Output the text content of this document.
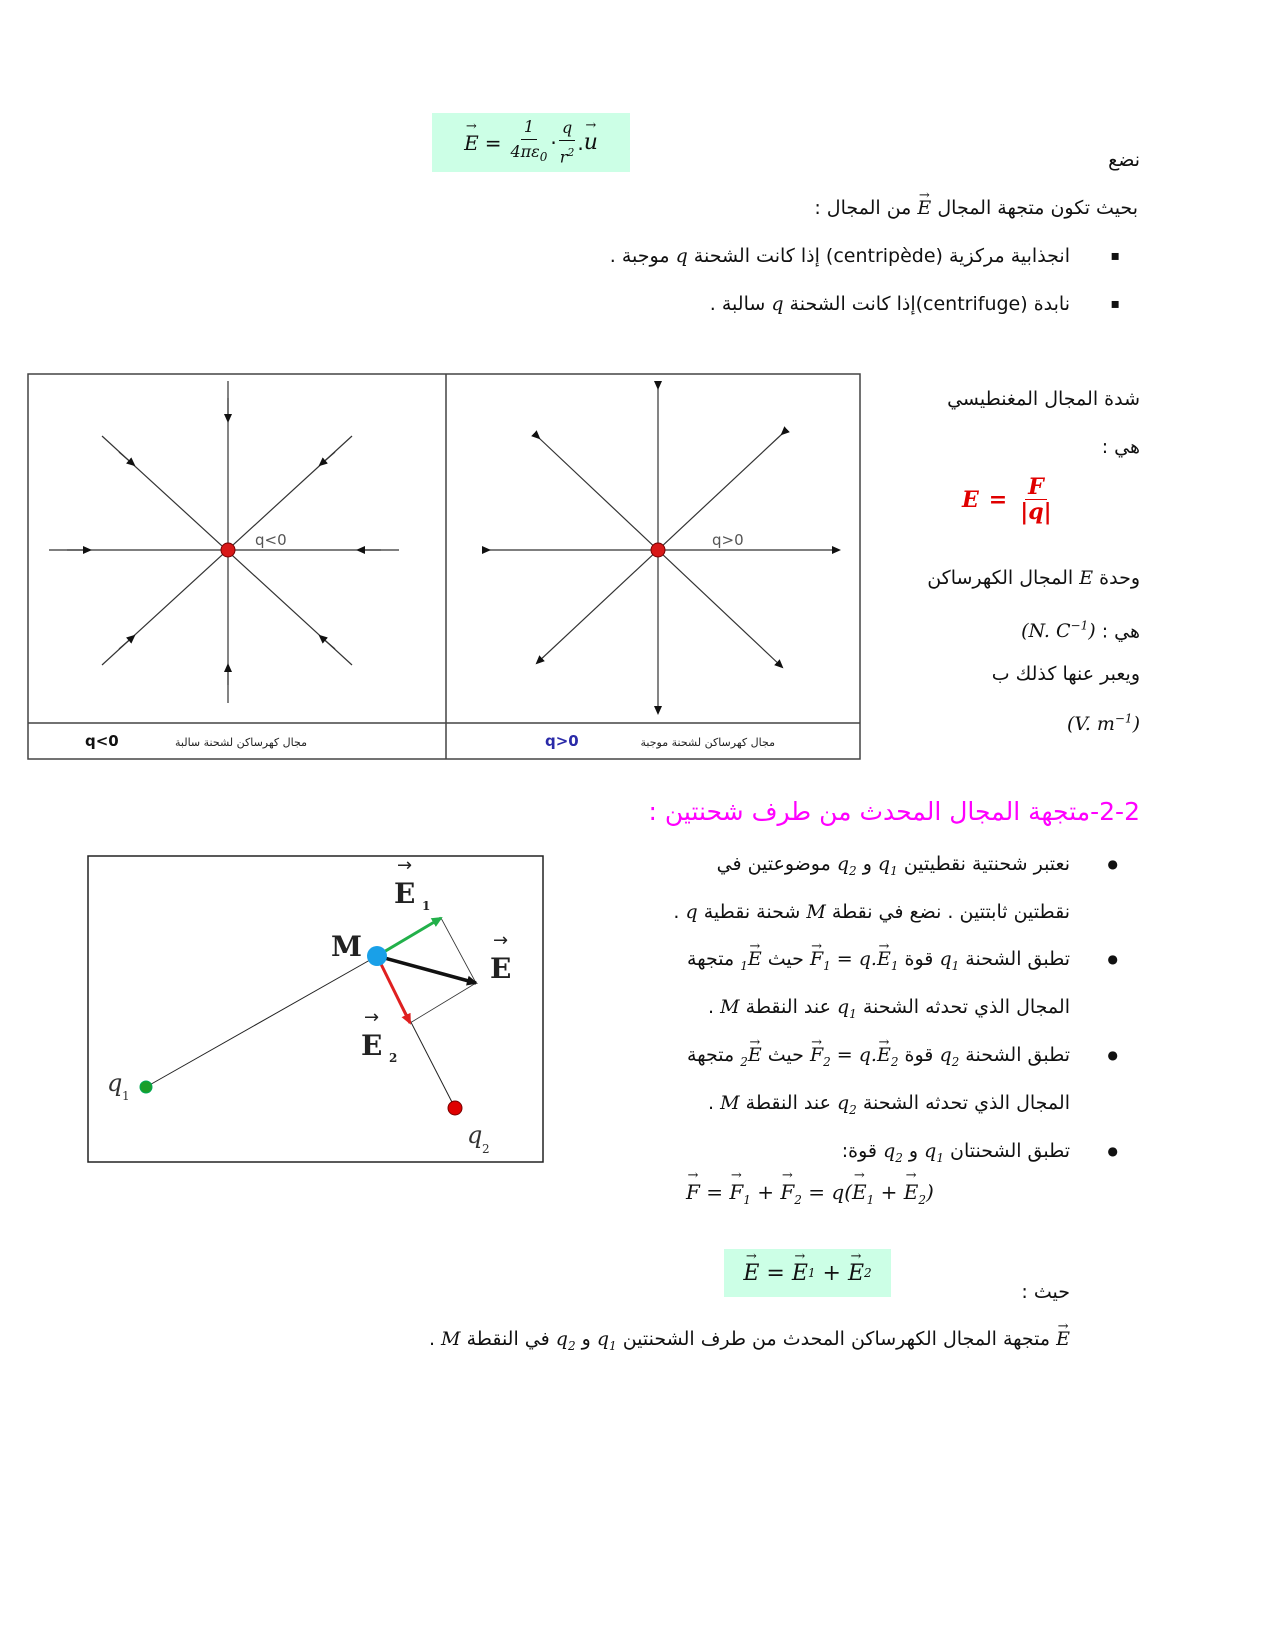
→ $E = \frac{1}{4\pi\varepsilon_0} \cdot \frac{q}{r^2}$ . → u
نضع
بحيث تكون متجهة المجال → E من المجال :
▪ انجذابية مركزية (centripède) إذا كانت الشحنة q موجبة .
▪ نابدة (centrifuge)إذا كانت الشحنة q سالبة .
q<0	q>0
q<0	مجال كهرساكن لشحنة سالبة	q>0	مجال كهرساكن لشحنة موجبة
شدة المجال المغنطيسي
هي :
$E = \frac{F}{|q|}$
وحدة E المجال الكهرساكن
هي : (N. $C^{-1}$)
ويعبر عنها كذلك ب
(V. $m^{-1}$)
2-2-متجهة المجال المحدث من طرف شحنتين :
M
E
→
E 1
→
E 2
→
q 1
q 2
● نعتبر شحنتية نقطيتين $q_1$ و $q_2$ موضوعتين في
نقطتين ثابتتين . نضع في نقطة M شحنة نقطية q .
● تطبق الشحنة $q_1$ قوة → $F_1 = q.\to E_1$ حيث → $E_1$ متجهة
المجال الذي تحدثه الشحنة $q_1$ عند النقطة M .
● تطبق الشحنة $q_2$ قوة → $F_2 = q.\to E_2$ حيث → $E_2$ متجهة
المجال الذي تحدثه الشحنة $q_2$ عند النقطة M .
● تطبق الشحنتان $q_1$ و $q_2$ قوة:
→ F = → $F_1$ + → $F_2 = q(\to E_1$ + → $E_2$)
→ E = → E 1 + → E 2
حيث :
→ E متجهة المجال الكهرساكن المحدث من طرف الشحنتين $q_1$ و $q_2$ في النقطة M .
